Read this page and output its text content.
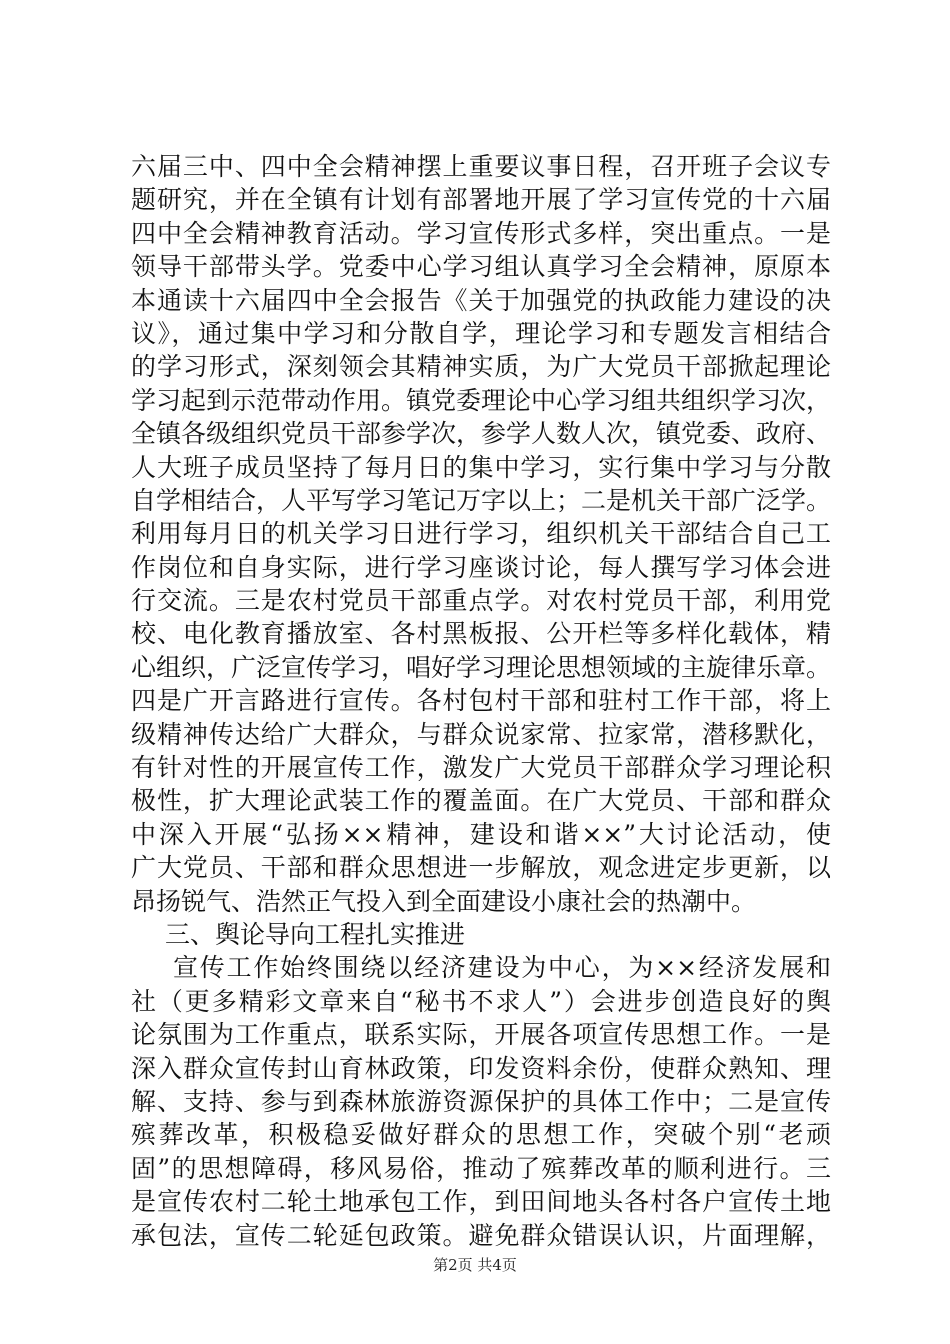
六届三中、四中全会精神摆上重要议事日程，召开班子会议专
题研究，并在全镇有计划有部署地开展了学习宣传党的十六届
四中全会精神教育活动。学习宣传形式多样，突出重点。一是
领导干部带头学。党委中心学习组认真学习全会精神，原原本
本通读十六届四中全会报告《关于加强党的执政能力建设的决
议》，通过集中学习和分散自学，理论学习和专题发言相结合
的学习形式，深刻领会其精神实质，为广大党员干部掀起理论
学习起到示范带动作用。镇党委理论中心学习组共组织学习次，
全镇各级组织党员干部参学次，参学人数人次，镇党委、政府、
人大班子成员坚持了每月日的集中学习，实行集中学习与分散
自学相结合，人平写学习笔记万字以上；二是机关干部广泛学。
利用每月日的机关学习日进行学习，组织机关干部结合自己工
作岗位和自身实际，进行学习座谈讨论，每人撰写学习体会进
行交流。三是农村党员干部重点学。对农村党员干部，利用党
校、电化教育播放室、各村黑板报、公开栏等多样化载体，精
心组织，广泛宣传学习，唱好学习理论思想领域的主旋律乐章。
四是广开言路进行宣传。各村包村干部和驻村工作干部，将上
级精神传达给广大群众，与群众说家常、拉家常，潜移默化，
有针对性的开展宣传工作，激发广大党员干部群众学习理论积
极性，扩大理论武装工作的覆盖面。在广大党员、干部和群众
中深入开展“弘扬××精神，建设和谐××”大讨论活动，使
广大党员、干部和群众思想进一步解放，观念进定步更新，以
昂扬锐气、浩然正气投入到全面建设小康社会的热潮中。
三、舆论导向工程扎实推进
宣传工作始终围绕以经济建设为中心，为××经济发展和
社（更多精彩文章来自“秘书不求人”）会进步创造良好的舆
论氛围为工作重点，联系实际，开展各项宣传思想工作。一是
深入群众宣传封山育林政策，印发资料余份，使群众熟知、理
解、支持、参与到森林旅游资源保护的具体工作中；二是宣传
殡葬改革，积极稳妥做好群众的思想工作，突破个别“老顽
固”的思想障碍，移风易俗，推动了殡葬改革的顺利进行。三
是宣传农村二轮土地承包工作，到田间地头各村各户宣传土地
承包法，宣传二轮延包政策。避免群众错误认识，片面理解，
第2页 共4页
